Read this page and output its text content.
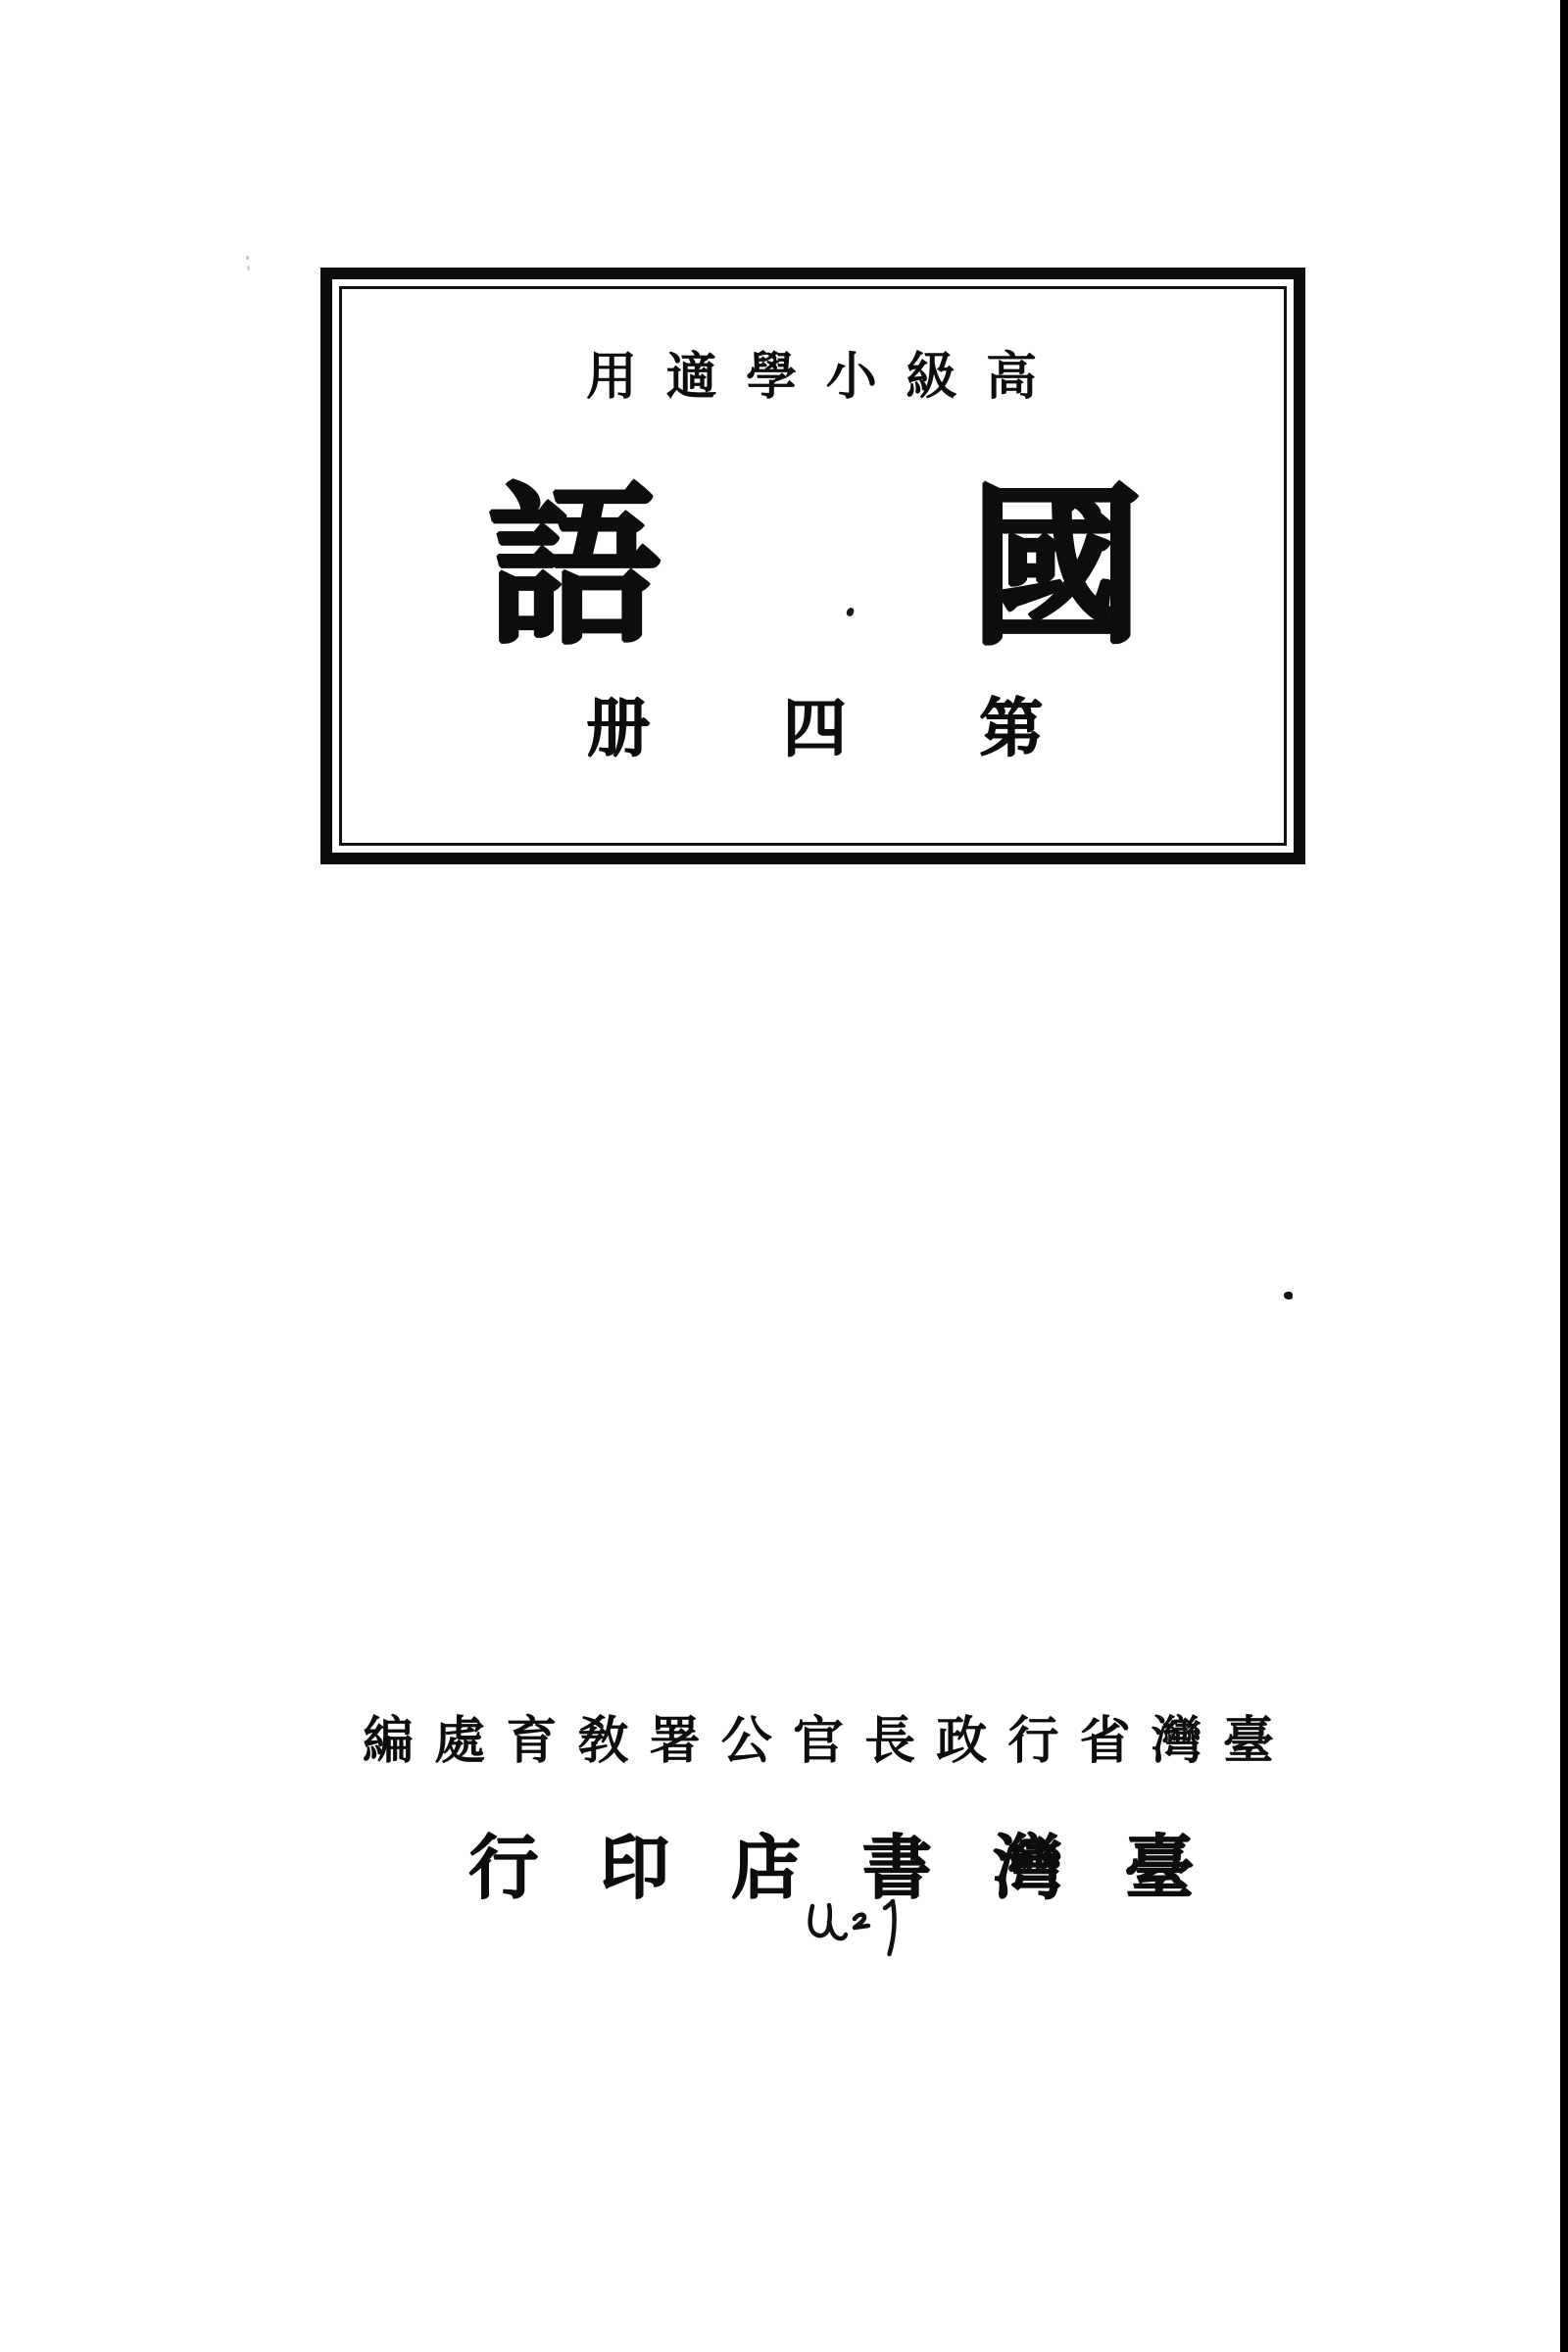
用 適 學 小 級 高
語 國
册 四 第
編 處 育 敎 署 公 官 長 政 行 省 灣 臺
行 印 店 書 灣 臺
